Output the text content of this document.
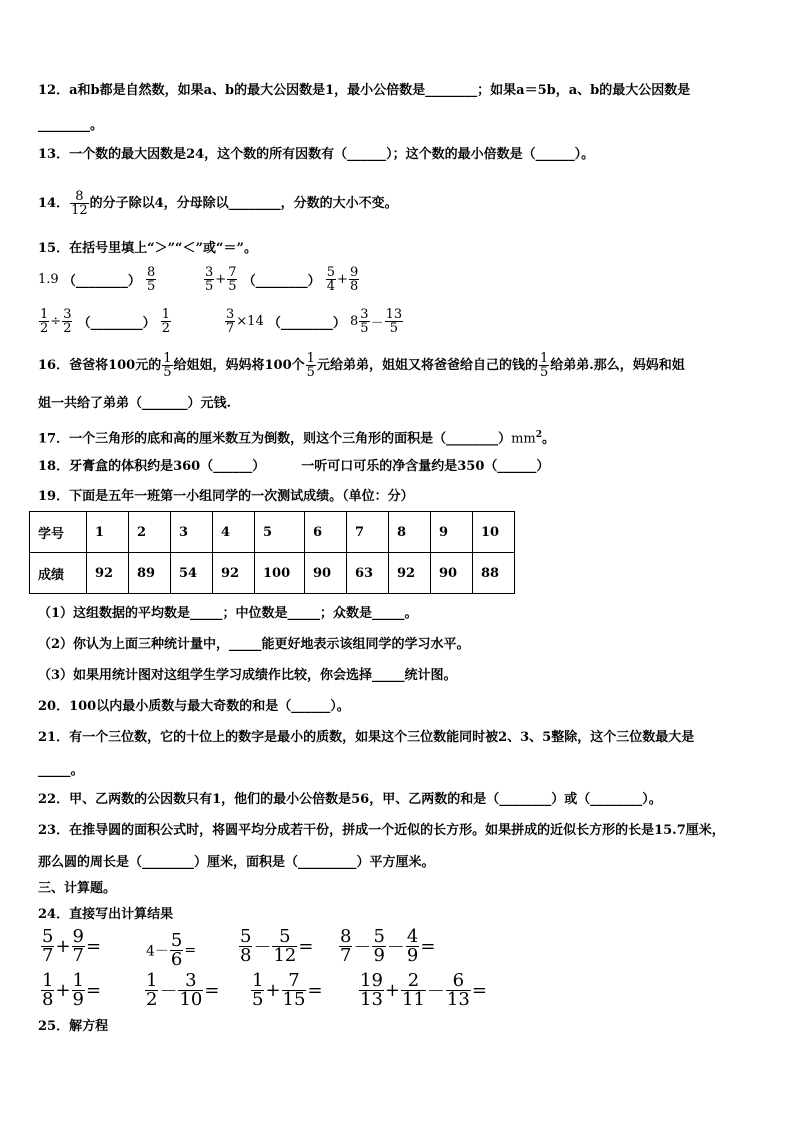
12．a和b都是自然数，如果a、b的最大公因数是1，最小公倍数是________；如果a＝5b，a、b的最大公因数是
________。
13．一个数的最大因数是24，这个数的所有因数有（______）；这个数的最小倍数是（______）。
14． $\frac{8}{12}$ 的分子除以4，分母除以________，分数的大小不变。
15．在括号里填上“＞”“＜”或“＝”。
1.9 （________） $\frac{8}{5}$	$\frac{3}{5} + \frac{7}{5}$ （________） $\frac{5}{4} + \frac{9}{8}$
$\frac{1}{2} \div \frac{3}{2}$ （________） $\frac{1}{2}$	$\frac{3}{7} \times 14$ （________） $8 \frac{3}{5} - \frac{13}{5}$
16．爸爸将100元的 $\frac{1}{5}$ 给姐姐，妈妈将100个 $\frac{1}{5}$ 元给弟弟，姐姐又将爸爸给自己的钱的 $\frac{1}{5}$ 给弟弟.那么，妈妈和姐
姐一共给了弟弟（_______）元钱.
17．一个三角形的底和高的厘米数互为倒数，则这个三角形的面积是$(\_\_\_\_\_\_\_\_)mm^2$。
18．牙膏盒的体积约是360（______）	一听可口可乐的净含量约是350（______）
19．下面是五年一班第一小组同学的一次测试成绩。（单位：分）
学号	1	2	3	4	5	6	7	8	9	10
成绩	92	89	54	92	100	90	63	92	90	88
（1）这组数据的平均数是_____；中位数是_____；众数是_____。
（2）你认为上面三种统计量中，_____能更好地表示该组同学的学习水平。
（3）如果用统计图对这组学生学习成绩作比较，你会选择_____统计图。
20．100以内最小质数与最大奇数的和是（______）。
21．有一个三位数，它的十位上的数字是最小的质数，如果这个三位数能同时被2、3、5整除，这个三位数最大是
_____。
22．甲、乙两数的公因数只有1，他们的最小公倍数是56，甲、乙两数的和是（________）或（________）。
23．在推导圆的面积公式时，将圆平均分成若干份，拼成一个近似的长方形。如果拼成的近似长方形的长是15.7厘米，
那么圆的周长是（________）厘米，面积是（_________）平方厘米。
三、计算题。
24．直接写出计算结果
$\frac{5}{7} + \frac{9}{7}$ =	$4- \frac{5}{6} = \frac{5}{8} - \frac{5}{12} = \frac{8}{7} - \frac{5}{9} - \frac{4}{9}$ =
$\frac{1}{8} + \frac{1}{9} = \frac{1}{2} - \frac{3}{10} = \frac{1}{5} + \frac{7}{15} = \frac{19}{13} + \frac{2}{11} - \frac{6}{13}$ =
25．解方程
